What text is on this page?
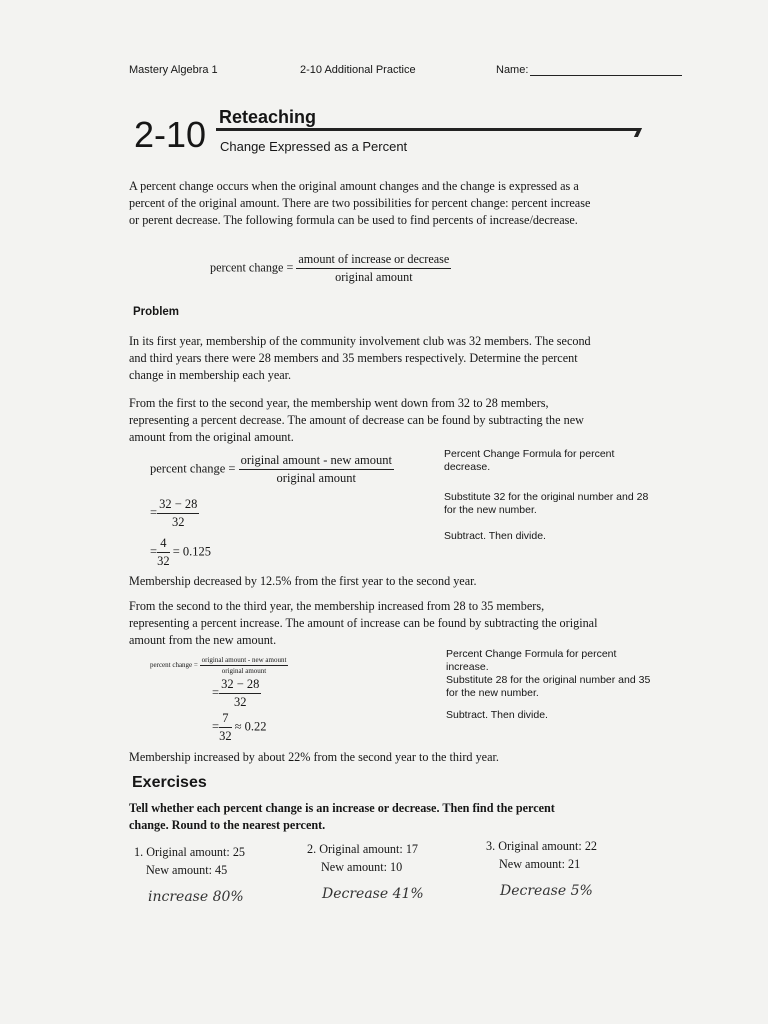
Mastery Algebra 1	2-10 Additional Practice	Name:
2-10 Reteaching
Change Expressed as a Percent

A percent change occurs when the original amount changes and the change is expressed as a percent of the original amount. There are two possibilities for percent change: percent increase or perent decrease. The following formula can be used to find percents of increase/decrease.

percent change = $\frac{\text{amount of increase or decrease}}{\text{original amount}}$
Problem

In its first year, membership of the community involvement club was 32 members. The second and third years there were 28 members and 35 members respectively. Determine the percent change in membership each year.

From the first to the second year, the membership went down from 32 to 28 members, representing a percent decrease. The amount of decrease can be found by subtracting the new amount from the original amount.

percent change = $\frac{\text{original amount - new amount}}{\text{original amount}}$
= $\frac{32 - 28}{32}$
= $\frac{4}{32} = 0.125$
Percent Change Formula for percent decrease.
Substitute 32 for the original number and 28 for the new number.
Subtract. Then divide.
Membership decreased by 12.5% from the first year to the second year.

From the second to the third year, the membership increased from 28 to 35 members, representing a percent increase. The amount of increase can be found by subtracting the original amount from the new amount.

percent change = $\frac{\text{original amount - new amount}}{\text{original amount}}$
= $\frac{32 - 28}{32}$
= $\frac{7}{32} \approx 0.22$
Percent Change Formula for percent increase.
Substitute 28 for the original number and 35 for the new number.
Subtract. Then divide.
Membership increased by about 22% from the second year to the third year.
Exercises

Tell whether each percent change is an increase or decrease. Then find the percent change. Round to the nearest percent.

1. Original amount: 25
New amount: 45
increase 80%
2. Original amount: 17
New amount: 10
Decrease 41%
3. Original amount: 22
New amount: 21
Decrease 5%
